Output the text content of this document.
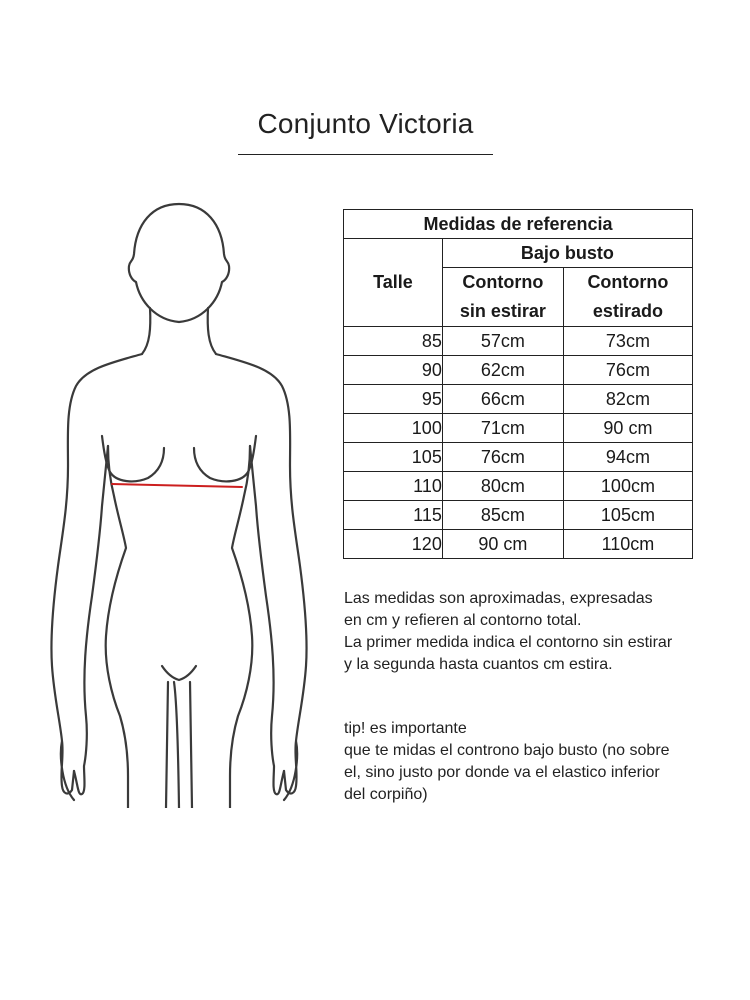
Conjunto Victoria
Medidas de referencia		
Talle	Bajo busto	
	Contorno	Contorno
	sin estirar	estirado
85	57cm	73cm
90	62cm	76cm
95	66cm	82cm
100	71cm	90 cm
105	76cm	94cm
110	80cm	100cm
115	85cm	105cm
120	90 cm	110cm

Las medidas son aproximadas, expresadas

en cm y refieren al contorno total.

La primer medida indica el contorno sin estirar

y la segunda hasta cuantos cm estira.

tip! es importante

que te midas el controno bajo busto (no sobre

el, sino justo por donde va el elastico inferior

del corpiño)
